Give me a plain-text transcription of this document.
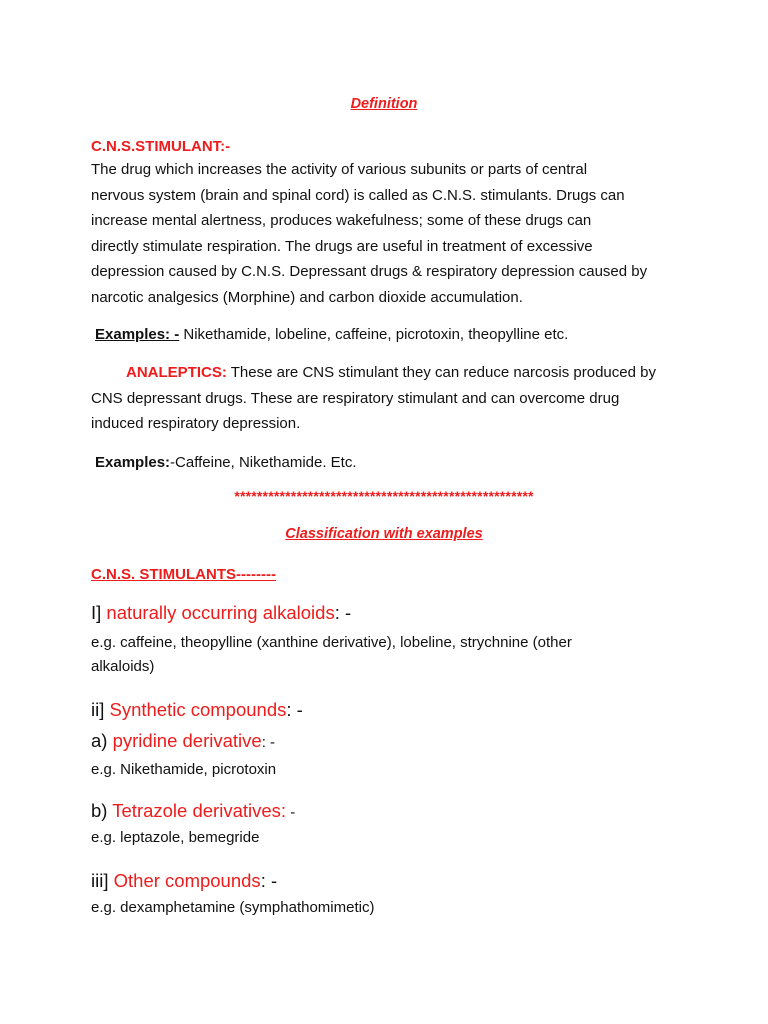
Definition
C.N.S.STIMULANT:-
The drug which increases the activity of various subunits or parts of central
nervous system (brain and spinal cord) is called as C.N.S. stimulants. Drugs can
increase mental alertness, produces wakefulness; some of these drugs can
directly stimulate respiration. The drugs are useful in treatment of excessive
depression caused by C.N.S. Depressant drugs & respiratory depression caused by
narcotic analgesics (Morphine) and carbon dioxide accumulation.
Examples: - Nikethamide, lobeline, caffeine, picrotoxin, theopylline etc.
ANALEPTICS: These are CNS stimulant they can reduce narcosis produced by
CNS depressant drugs. These are respiratory stimulant and can overcome drug
induced respiratory depression.
Examples:-Caffeine, Nikethamide. Etc.
*****************************************************
Classification with examples
C.N.S. STIMULANTS--------
I] naturally occurring alkaloids: -
e.g. caffeine, theopylline (xanthine derivative), lobeline, strychnine (other
alkaloids)
ii] Synthetic compounds: -
a) pyridine derivative: -
e.g. Nikethamide, picrotoxin
b) Tetrazole derivatives: -
e.g. leptazole, bemegride
iii] Other compounds: -
e.g. dexamphetamine (symphathomimetic)
